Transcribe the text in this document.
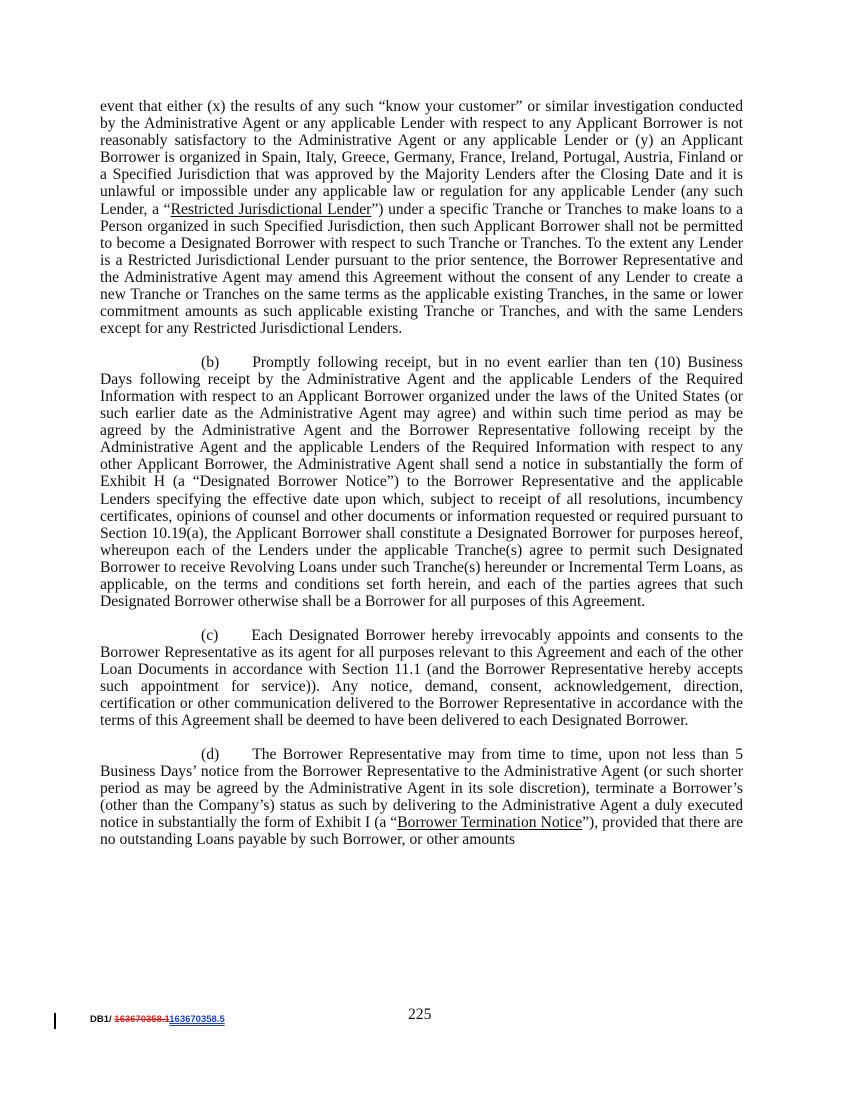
event that either (x) the results of any such “know your customer” or similar investigation conducted by the Administrative Agent or any applicable Lender with respect to any Applicant Borrower is not reasonably satisfactory to the Administrative Agent or any applicable Lender or (y) an Applicant Borrower is organized in Spain, Italy, Greece, Germany, France, Ireland, Portugal, Austria, Finland or a Specified Jurisdiction that was approved by the Majority Lenders after the Closing Date and it is unlawful or impossible under any applicable law or regulation for any applicable Lender (any such Lender, a “Restricted Jurisdictional Lender”) under a specific Tranche or Tranches to make loans to a Person organized in such Specified Jurisdiction, then such Applicant Borrower shall not be permitted to become a Designated Borrower with respect to such Tranche or Tranches. To the extent any Lender is a Restricted Jurisdictional Lender pursuant to the prior sentence, the Borrower Representative and the Administrative Agent may amend this Agreement without the consent of any Lender to create a new Tranche or Tranches on the same terms as the applicable existing Tranches, in the same or lower commitment amounts as such applicable existing Tranche or Tranches, and with the same Lenders except for any Restricted Jurisdictional Lenders.

(b) Promptly following receipt, but in no event earlier than ten (10) Business Days following receipt by the Administrative Agent and the applicable Lenders of the Required Information with respect to an Applicant Borrower organized under the laws of the United States (or such earlier date as the Administrative Agent may agree) and within such time period as may be agreed by the Administrative Agent and the Borrower Representative following receipt by the Administrative Agent and the applicable Lenders of the Required Information with respect to any other Applicant Borrower, the Administrative Agent shall send a notice in substantially the form of Exhibit H (a “Designated Borrower Notice”) to the Borrower Representative and the applicable Lenders specifying the effective date upon which, subject to receipt of all resolutions, incumbency certificates, opinions of counsel and other documents or information requested or required pursuant to Section 10.19(a), the Applicant Borrower shall constitute a Designated Borrower for purposes hereof, whereupon each of the Lenders under the applicable Tranche(s) agree to permit such Designated Borrower to receive Revolving Loans under such Tranche(s) hereunder or Incremental Term Loans, as applicable, on the terms and conditions set forth herein, and each of the parties agrees that such Designated Borrower otherwise shall be a Borrower for all purposes of this Agreement.

(c) Each Designated Borrower hereby irrevocably appoints and consents to the Borrower Representative as its agent for all purposes relevant to this Agreement and each of the other Loan Documents in accordance with Section 11.1 (and the Borrower Representative hereby accepts such appointment for service)). Any notice, demand, consent, acknowledgement, direction, certification or other communication delivered to the Borrower Representative in accordance with the terms of this Agreement shall be deemed to have been delivered to each Designated Borrower.

(d) The Borrower Representative may from time to time, upon not less than 5 Business Days’ notice from the Borrower Representative to the Administrative Agent (or such shorter period as may be agreed by the Administrative Agent in its sole discretion), terminate a Borrower’s (other than the Company’s) status as such by delivering to the Administrative Agent a duly executed notice in substantially the form of Exhibit I (a “Borrower Termination Notice”), provided that there are no outstanding Loans payable by such Borrower, or other amounts

DB1/ 163670358.1163670358.5	225
